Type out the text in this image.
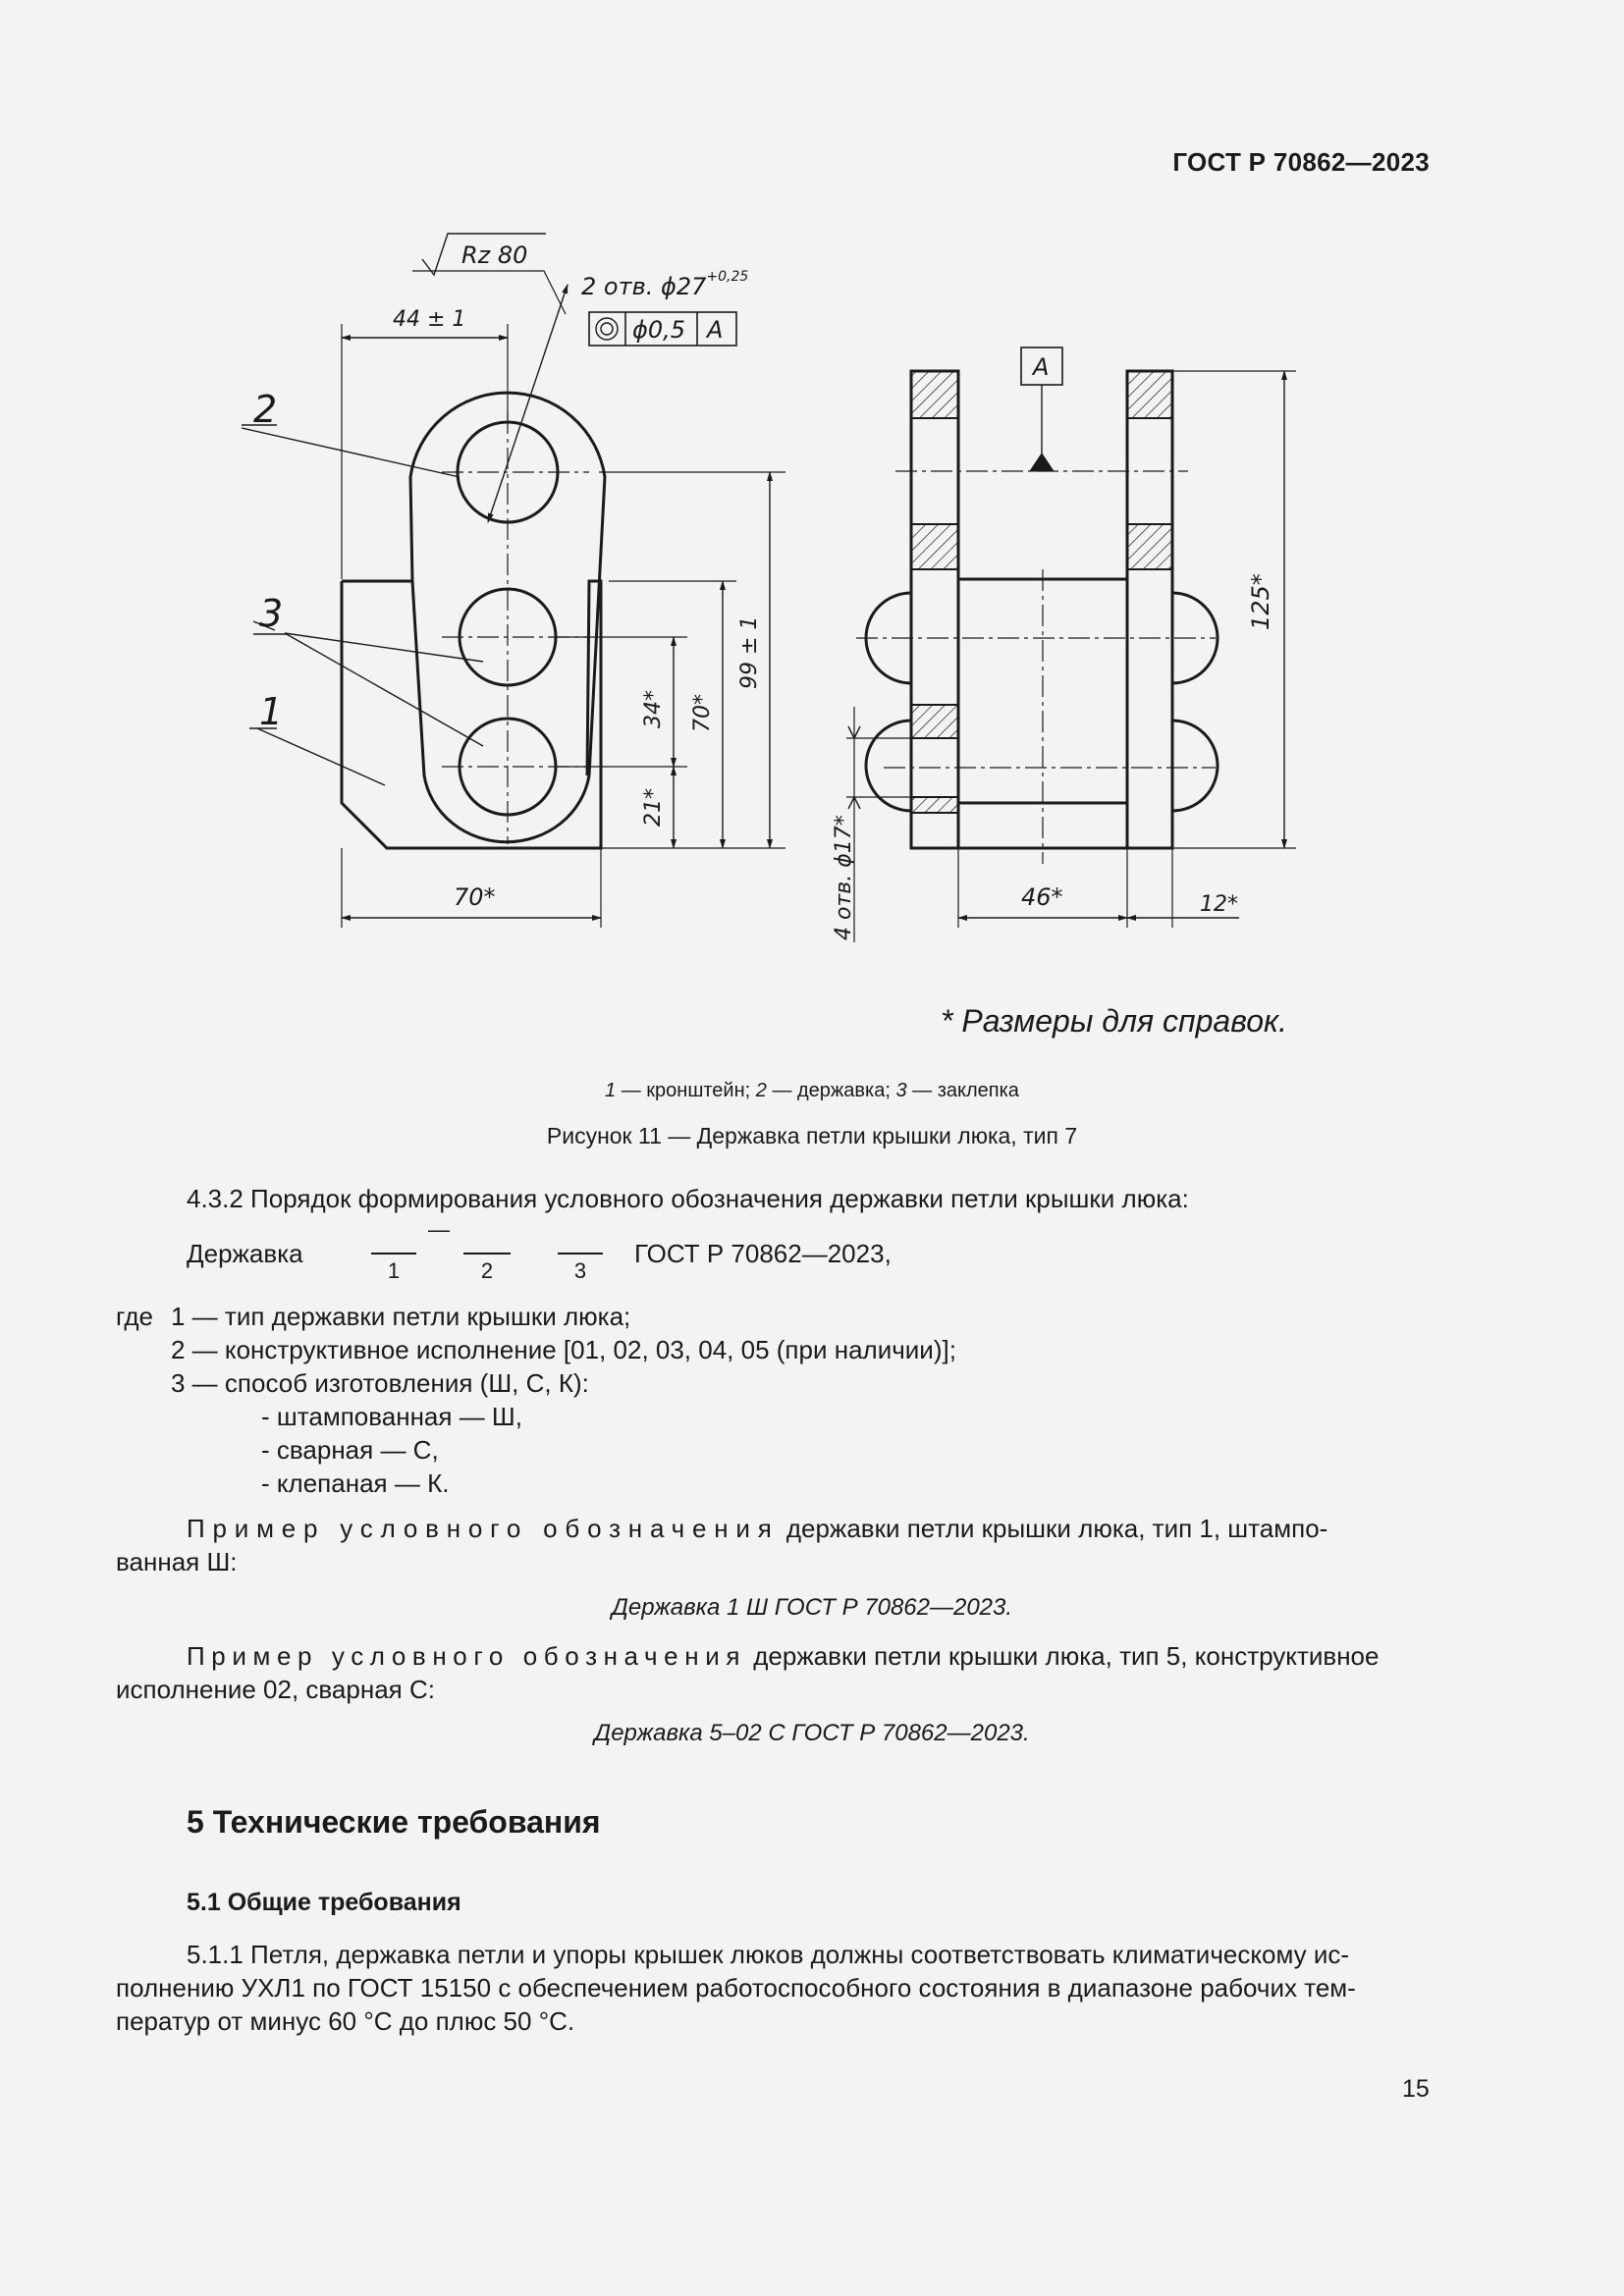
ГОСТ Р 70862—2023
2
3
1
Rz 80
2 отв. $\phi 27^{+0,25}$
ϕ0,5 A
44 ± 1
70*
34*
21*
70*
99 ± 1
A
125*
46*	12*
4 отв. ϕ17*
* Размеры для справок.
1 — кронштейн; 2 — державка; 3 — заклепка
Рисунок 11 — Державка петли крышки люка, тип 7
4.3.2 Порядок формирования условного обозначения державки петли крышки люка:
Державка
—
1	2	3
ГОСТ Р 70862—2023,
где 1 — тип державки петли крышки люка;
2 — конструктивное исполнение [01, 02, 03, 04, 05 (при наличии)];
3 — способ изготовления (Ш, С, К):
- штампованная — Ш,
- сварная — С,
- клепаная — К.
Пример условного обозначения державки петли крышки люка, тип 1, штампо-
ванная Ш:
Державка 1 Ш ГОСТ Р 70862—2023.
Пример условного обозначения державки петли крышки люка, тип 5, конструктивное
исполнение 02, сварная С:
Державка 5–02 С ГОСТ Р 70862—2023.
5 Технические требования
5.1 Общие требования
5.1.1 Петля, державка петли и упоры крышек люков должны соответствовать климатическому ис-
полнению УХЛ1 по ГОСТ 15150 с обеспечением работоспособного состояния в диапазоне рабочих тем-
ператур от минус 60 °С до плюс 50 °С.
15
